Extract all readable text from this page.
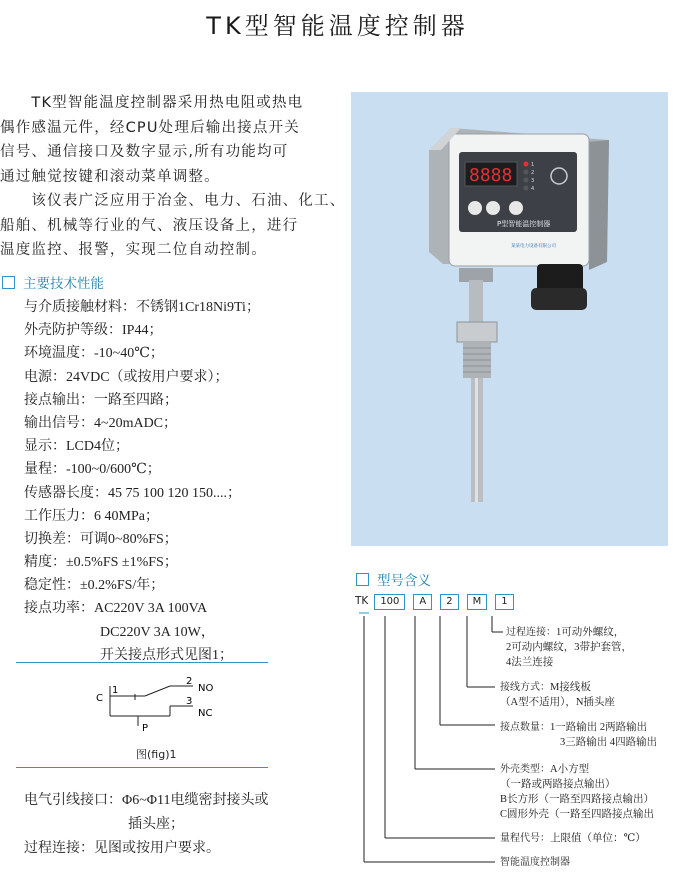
TK型智能温度控制器

　　TK型智能温度控制器采用热电阻或热电

偶作感温元件，经CPU处理后输出接点开关

信号、通信接口及数字显示,所有功能均可

通过触觉按键和滚动菜单调整。

　　该仪表广泛应用于冶金、电力、石油、化工、

船舶、机械等行业的气、液压设备上，进行

温度监控、报警，实现二位自动控制。

主要技术性能
与介质接触材料：不锈钢1Cr18Ni9Ti；
外壳防护等级：IP44；
环境温度：-10~40℃；
电源：24VDC（或按用户要求）；
接点输出：一路至四路；
输出信号：4~20mADC；
显示：LCD4位；
量程：-100~0/600℃；
传感器长度：45 75 100 120 150....；
工作压力：6 40MPa；
切换差：可调0~80%FS；
精度：±0.5%FS ±1%FS；
稳定性：±0.2%FS/年；
接点功率：AC220V 3A 100VA
DC220V 3A 10W，
开关接点形式见图1；
C
1
2
3
NO
NC
P
图(fig)1
电气引线接口：Φ6~Φ11电缆密封接头或
插头座；
过程连接：见图或按用户要求。
8888	1
2
3
4
P型智能温控制器
某某电力设备有限公司
型号含义
TK 100 A 2 M 1
过程连接：1可动外螺纹，
2可动内螺纹，3带护套管，
4法兰连接
接线方式：M接线板
（A型不适用），N插头座
接点数量：1一路输出 2两路输出
3三路输出 4四路输出
外壳类型：A小方型
（一路或两路接点输出）
B长方形（一路至四路接点输出）
C圆形外壳（一路至四路接点输出
量程代号：上限值（单位：℃）
智能温度控制器
